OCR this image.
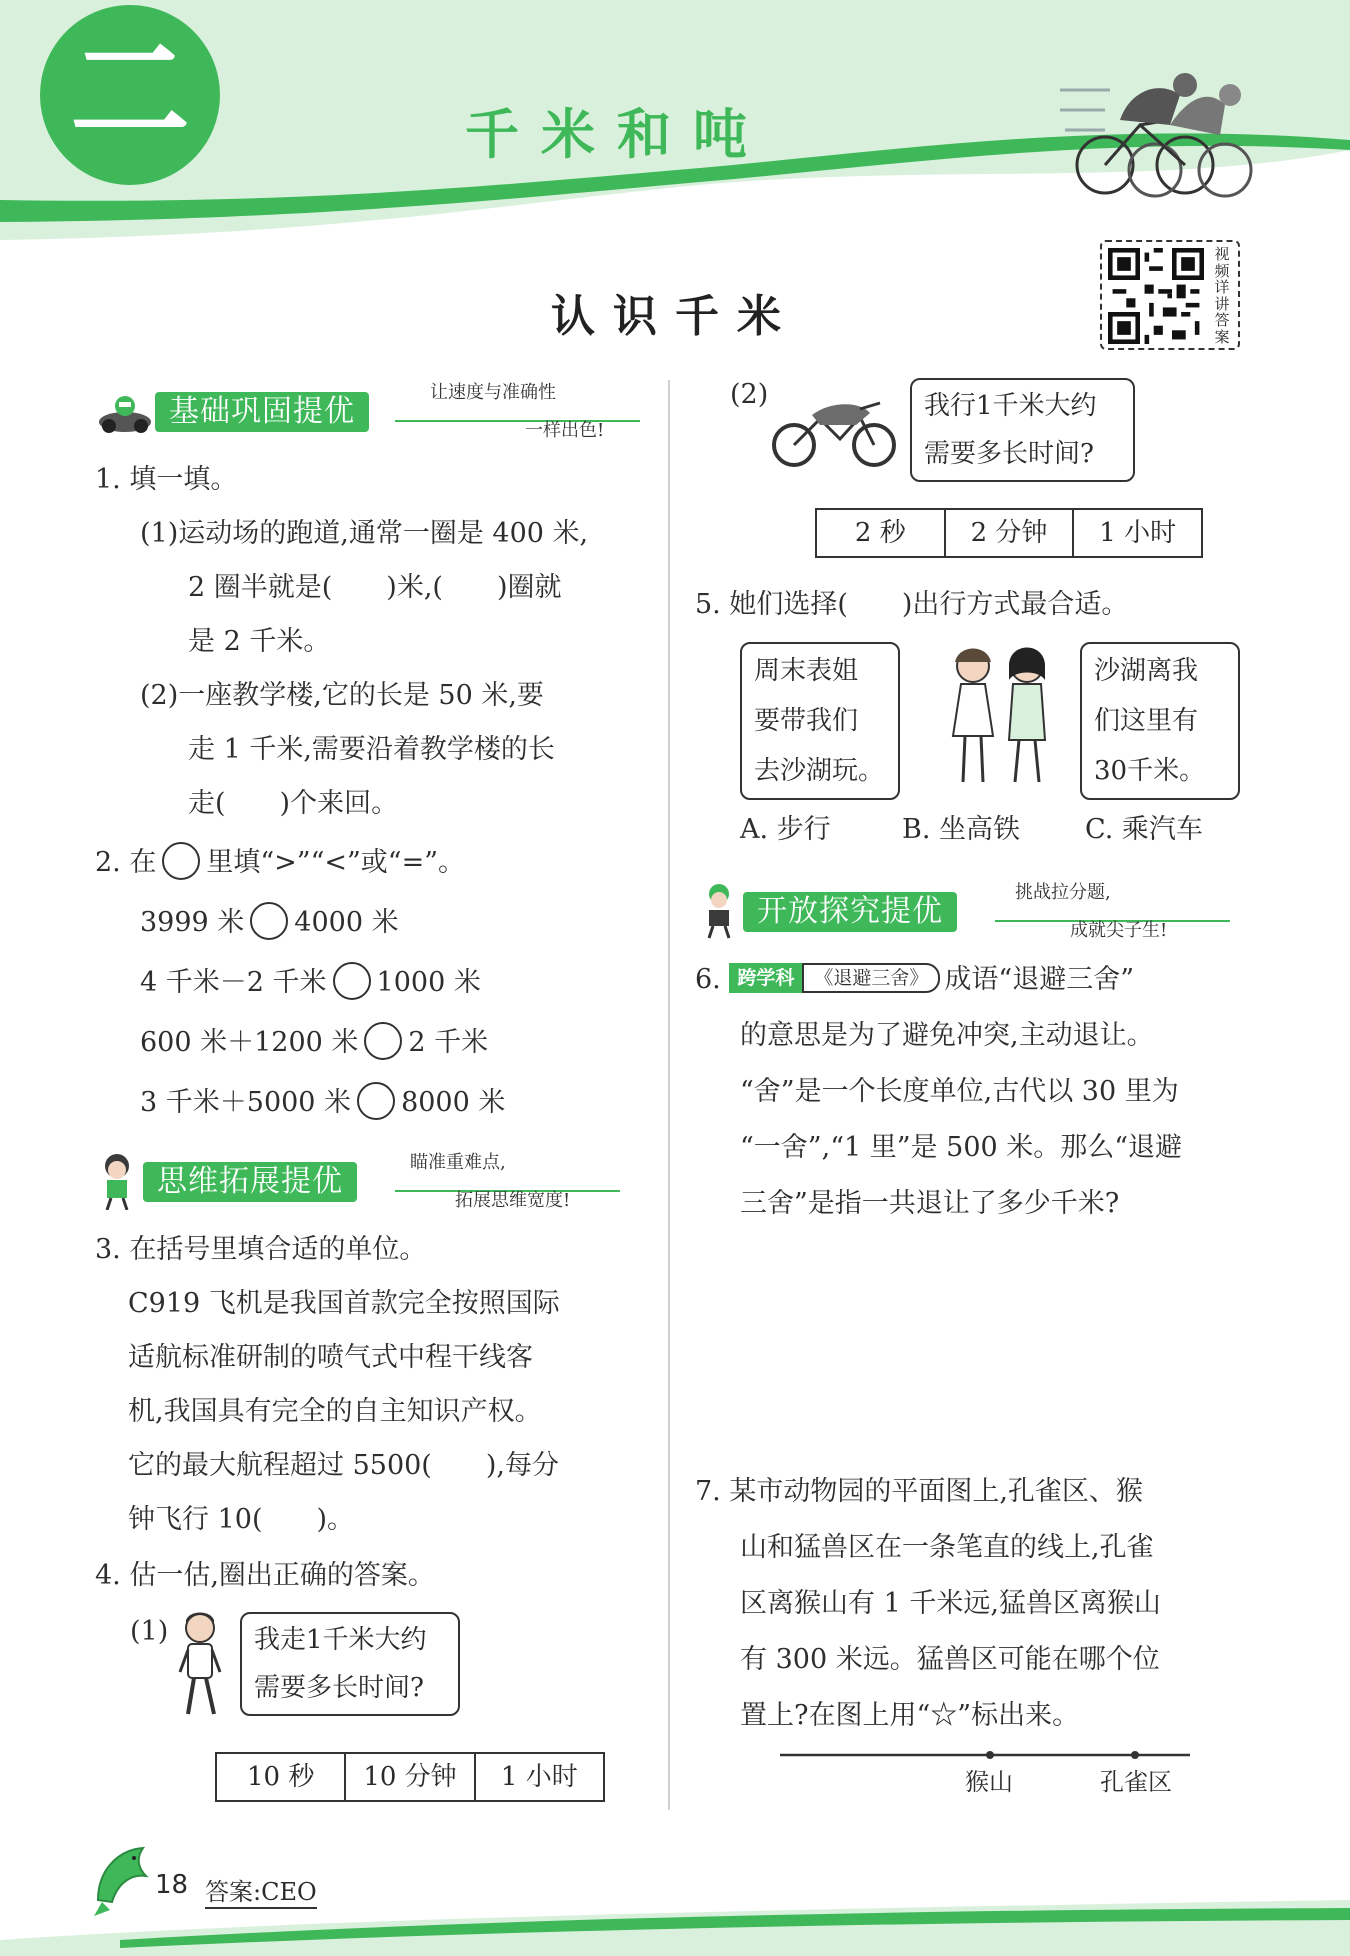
二	千米和吨
视频详讲答案
认识千米
基础巩固提优
让速度与准确性
一样出色!
1. 填一填。
(1)运动场的跑道,通常一圈是 400 米,
2 圈半就是(　　)米,(　　)圈就
是 2 千米。
(2)一座教学楼,它的长是 50 米,要
走 1 千米,需要沿着教学楼的长
走(　　)个来回。
2. 在 里填“>”“<”或“=”。
3999 米 4000 米
4 千米－2 千米 1000 米
600 米＋1200 米 2 千米
3 千米＋5000 米 8000 米
思维拓展提优
瞄准重难点,
拓展思维宽度!
3. 在括号里填合适的单位。
C919 飞机是我国首款完全按照国际
适航标准研制的喷气式中程干线客
机,我国具有完全的自主知识产权。
它的最大航程超过 5500(　　),每分
钟飞行 10(　　)。
4. 估一估,圈出正确的答案。
(1)	我走1千米大约
需要多长时间?
10 秒	10 分钟	1 小时
(2)	我行1千米大约
需要多长时间?
2 秒	2 分钟	1 小时
5. 她们选择(　　)出行方式最合适。
周末表姐
要带我们
去沙湖玩。
沙湖离我
们这里有
30千米。
A. 步行	B. 坐高铁 C. 乘汽车
开放探究提优
挑战拉分题,
成就尖子生!
6. 跨学科 《退避三舍》 成语“退避三舍”
的意思是为了避免冲突,主动退让。
“舍”是一个长度单位,古代以 30 里为
“一舍”,“1 里”是 500 米。那么“退避
三舍”是指一共退让了多少千米?
7. 某市动物园的平面图上,孔雀区、猴
山和猛兽区在一条笔直的线上,孔雀
区离猴山有 1 千米远,猛兽区离猴山
有 300 米远。猛兽区可能在哪个位
置上?在图上用“☆”标出来。
猴山	孔雀区
18 答案:CEO
